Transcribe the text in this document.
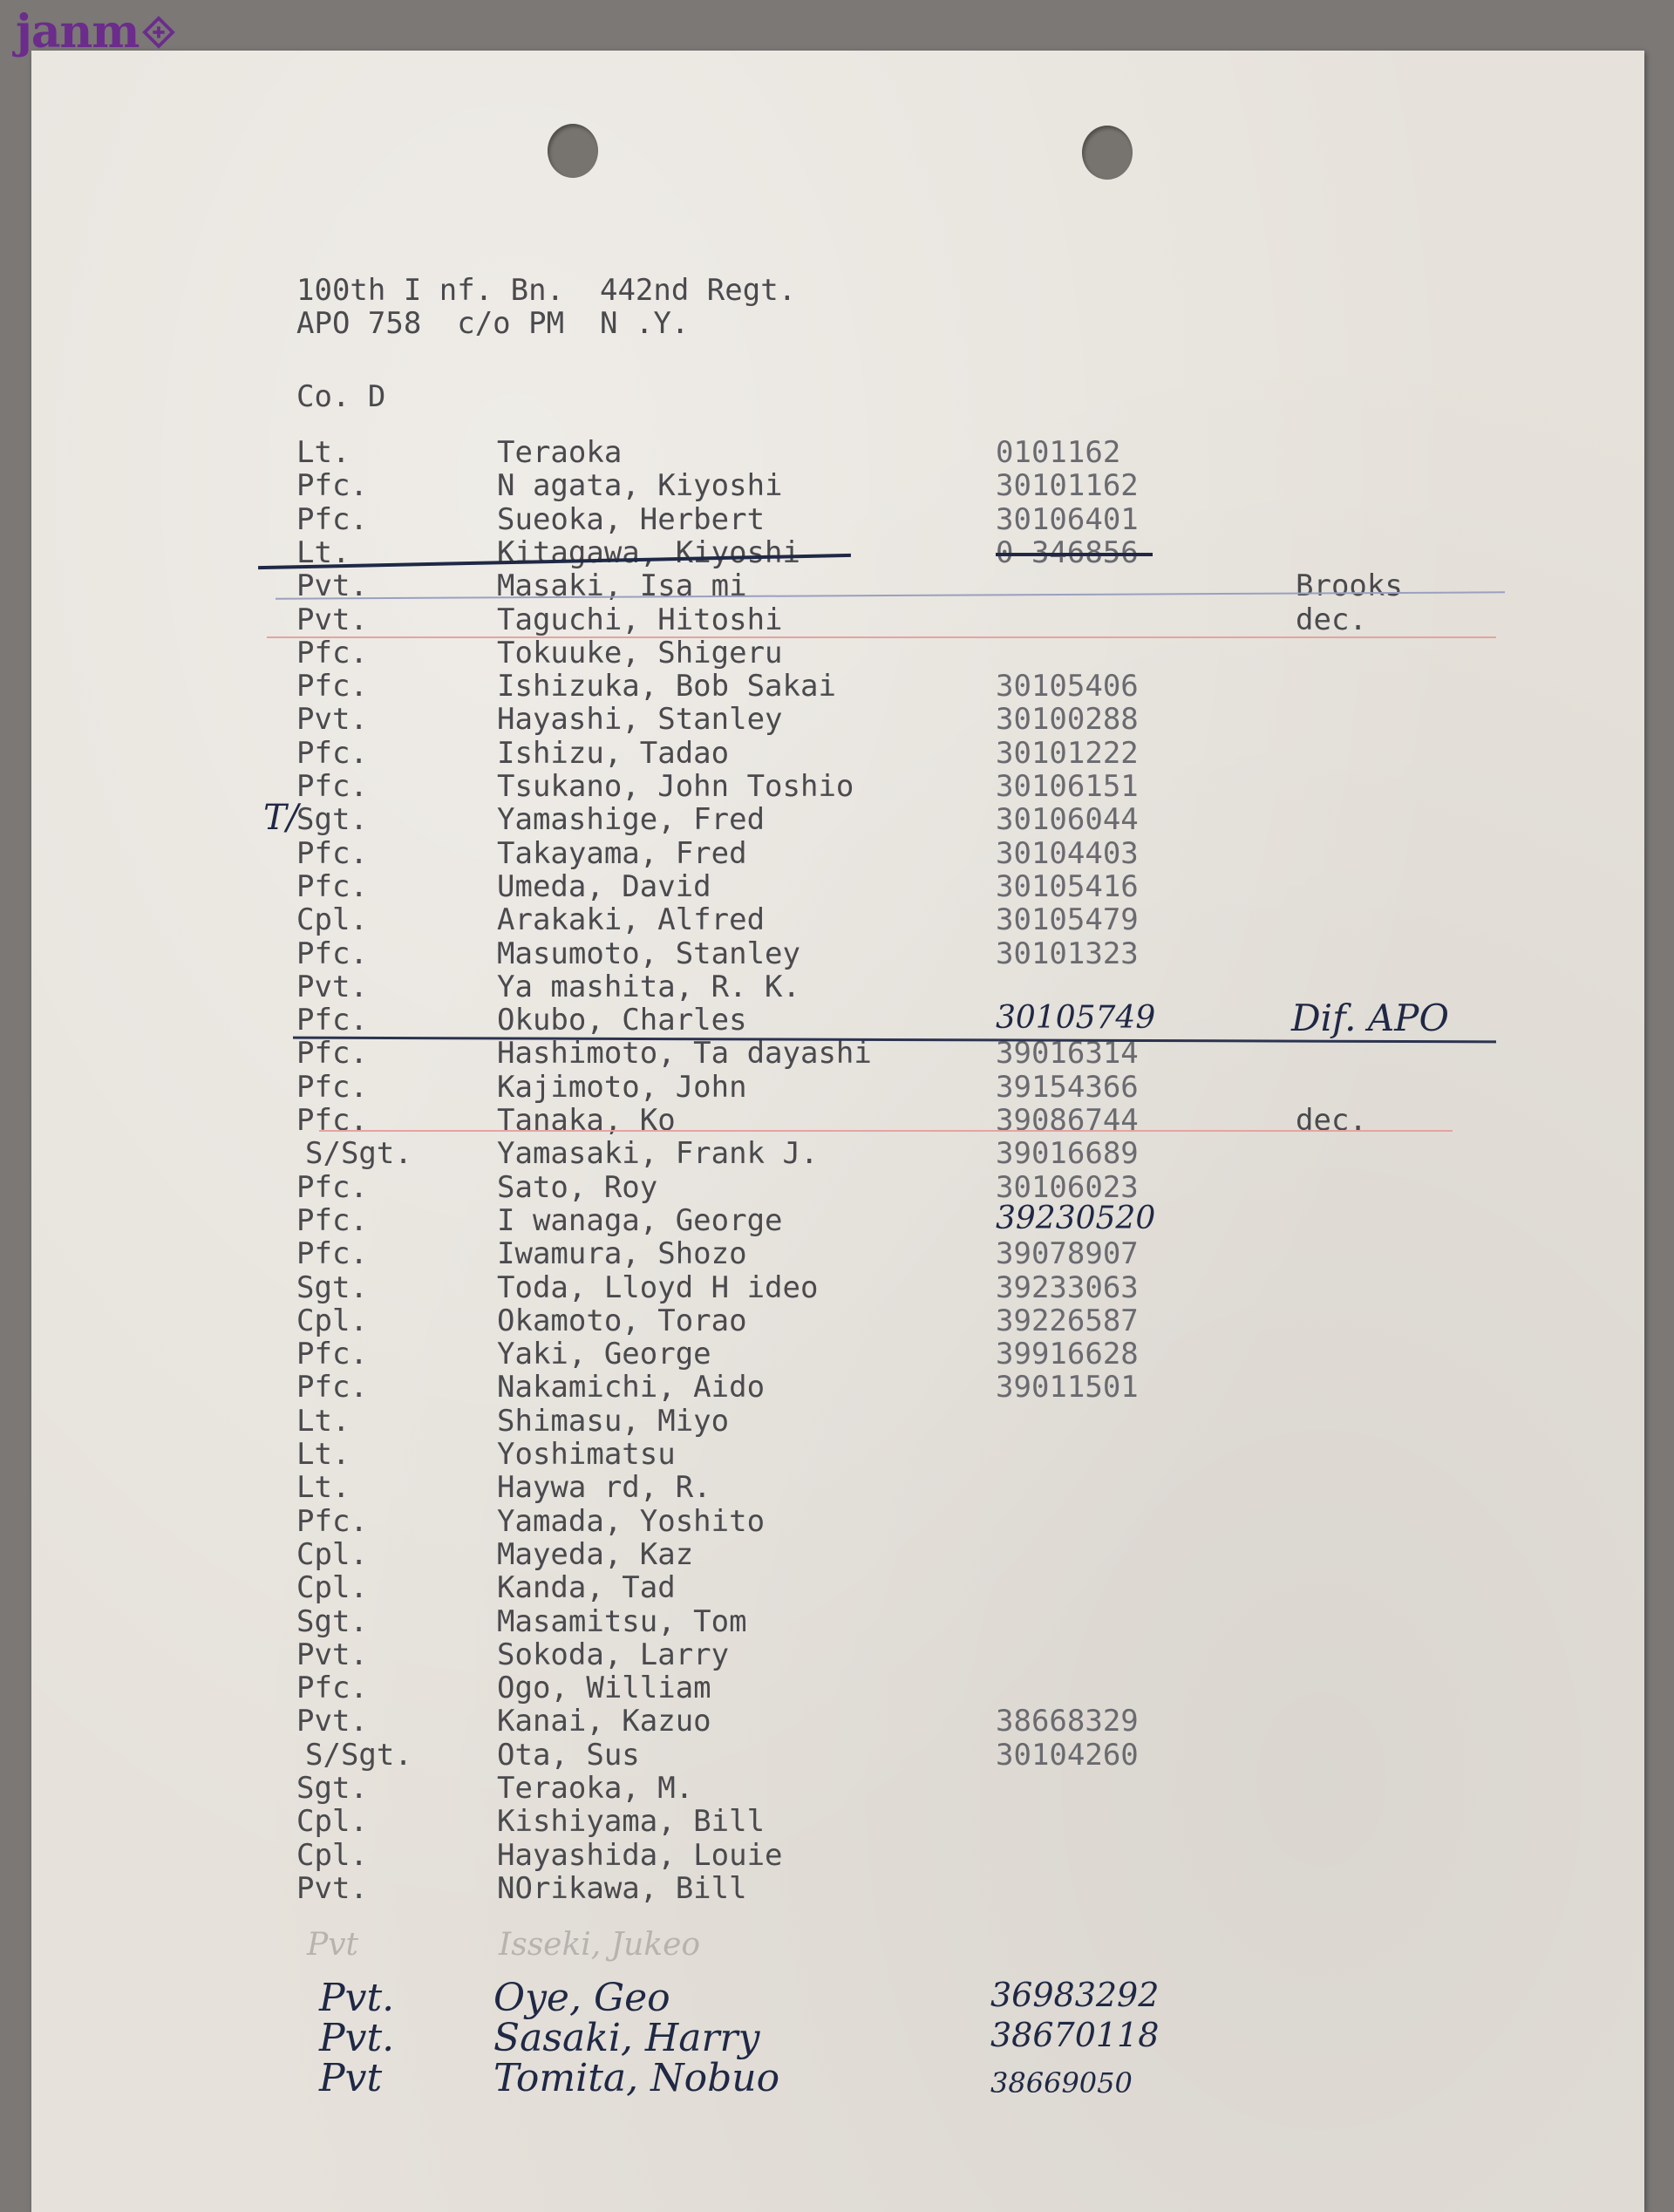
janm
100th I nf. Bn.  442nd Regt.
APO 758  c/o PM  N .Y.
Co. D
Lt.	Teraoka	0101162
Pfc.	N agata, Kiyoshi	30101162
Pfc.	Sueoka, Herbert	30106401
Lt.	Kitagawa, Kiyoshi	0-346856
Pvt.	Masaki, Isa mi	Brooks
Pvt.	Taguchi, Hitoshi	dec.
Pfc.	Tokuuke, Shigeru
Pfc.	Ishizuka, Bob Sakai	30105406
Pvt.	Hayashi, Stanley	30100288
Pfc.	Ishizu, Tadao	30101222
Pfc.	Tsukano, John Toshio	30106151
T/
Sgt.	Yamashige, Fred	30106044
Pfc.	Takayama, Fred	30104403
Pfc.	Umeda, David	30105416
Cpl.	Arakaki, Alfred	30105479
Pfc.	Masumoto, Stanley	30101323
Pvt.	Ya mashita, R. K.
Pfc.	Okubo, Charles	30105749	Dif. APO
Pfc.	Hashimoto, Ta dayashi	39016314
Pfc.	Kajimoto, John	39154366
Pfc.	Tanaka, Ko	39086744	dec.
S/Sgt.	Yamasaki, Frank J.	39016689
Pfc.	Sato, Roy	30106023
Pfc.	I wanaga, George	39230520
Pfc.	Iwamura, Shozo	39078907
Sgt.	Toda, Lloyd H ideo	39233063
Cpl.	Okamoto, Torao	39226587
Pfc.	Yaki, George	39916628
Pfc.	Nakamichi, Aido	39011501
Lt.	Shimasu, Miyo
Lt.	Yoshimatsu
Lt.	Haywa rd, R.
Pfc.	Yamada, Yoshito
Cpl.	Mayeda, Kaz
Cpl.	Kanda, Tad
Sgt.	Masamitsu, Tom
Pvt.	Sokoda, Larry
Pfc.	Ogo, William
Pvt.	Kanai, Kazuo	38668329
S/Sgt.	Ota, Sus	30104260
Sgt.	Teraoka, M.
Cpl.	Kishiyama, Bill
Cpl.	Hayashida, Louie
Pvt.	NOrikawa, Bill
Pvt	Isseki, Jukeo
Pvt.	Oye, Geo	36983292
Pvt.	Sasaki, Harry	38670118
Pvt	Tomita, Nobuo	38669050
